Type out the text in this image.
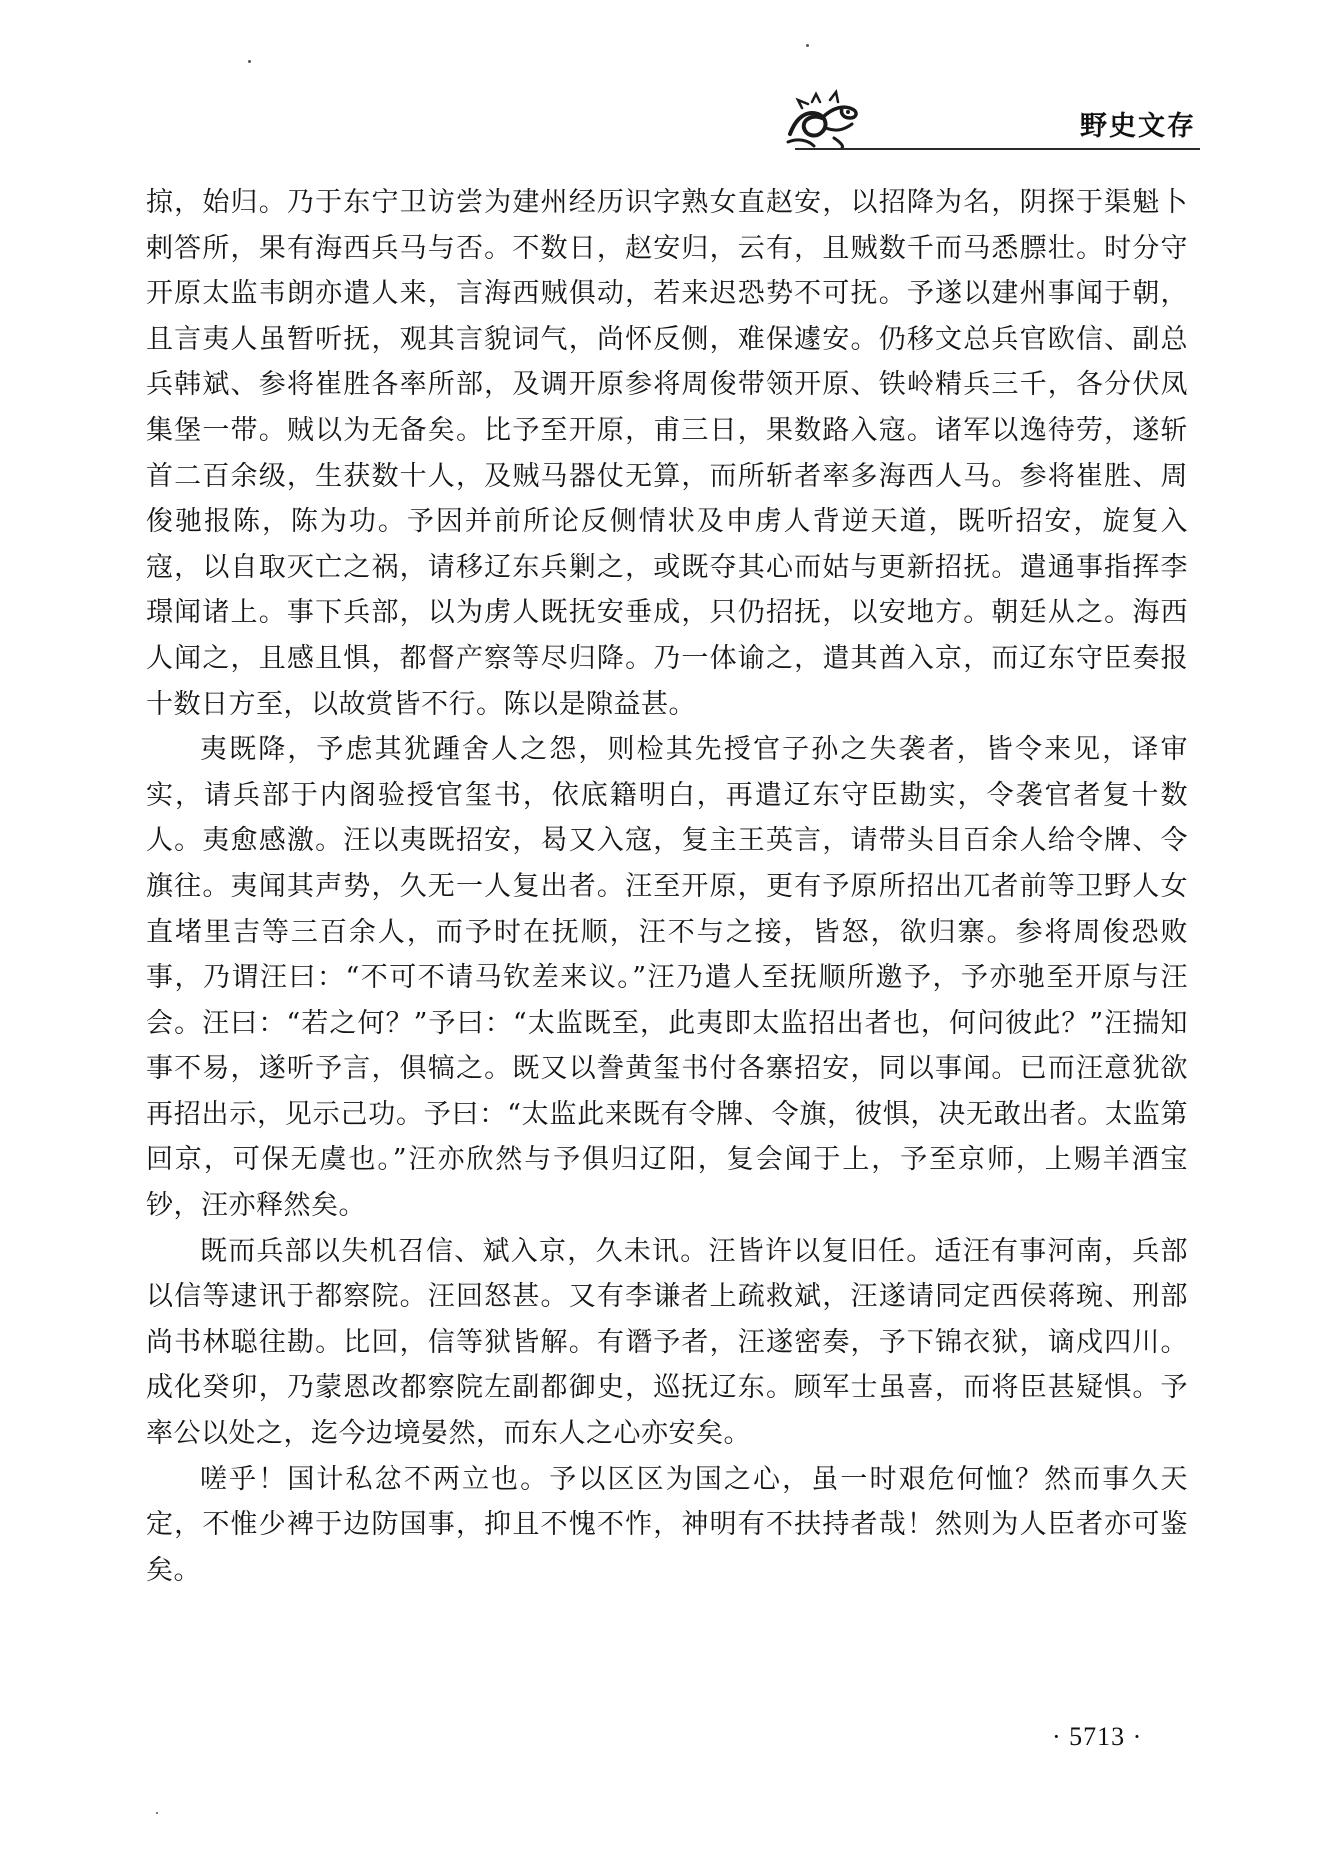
野史文存

掠，始归。乃于东宁卫访尝为建州经历识字熟女直赵安，以招降为名，阴探于渠魁卜剌答所，果有海西兵马与否。不数日，赵安归，云有，且贼数千而马悉膘壮。时分守开原太监韦朗亦遣人来，言海西贼俱动，若来迟恐势不可抚。予遂以建州事闻于朝，且言夷人虽暂听抚，观其言貌词气，尚怀反侧，难保遽安。仍移文总兵官欧信、副总兵韩斌、参将崔胜各率所部，及调开原参将周俊带领开原、铁岭精兵三千，各分伏凤集堡一带。贼以为无备矣。比予至开原，甫三日，果数路入寇。诸军以逸待劳，遂斩首二百余级，生获数十人，及贼马器仗无算，而所斩者率多海西人马。参将崔胜、周俊驰报陈，陈为功。予因并前所论反侧情状及申虏人背逆天道，既听招安，旋复入寇，以自取灭亡之祸，请移辽东兵剿之，或既夺其心而姑与更新招抚。遣通事指挥李璟闻诸上。事下兵部，以为虏人既抚安垂成，只仍招抚，以安地方。朝廷从之。海西人闻之，且感且惧，都督产察等尽归降。乃一体谕之，遣其酋入京，而辽东守臣奏报十数日方至，以故赏皆不行。陈以是隙益甚。

夷既降，予虑其犹踵舍人之怨，则检其先授官子孙之失袭者，皆令来见，译审实，请兵部于内阁验授官玺书，依底籍明白，再遣辽东守臣勘实，令袭官者复十数人。夷愈感激。汪以夷既招安，曷又入寇，复主王英言，请带头目百余人给令牌、令旗往。夷闻其声势，久无一人复出者。汪至开原，更有予原所招出兀者前等卫野人女直堵里吉等三百余人，而予时在抚顺，汪不与之接，皆怒，欲归寨。参将周俊恐败事，乃谓汪曰：“不可不请马钦差来议。”汪乃遣人至抚顺所邀予，予亦驰至开原与汪会。汪曰：“若之何？”予曰：“太监既至，此夷即太监招出者也，何问彼此？”汪揣知事不易，遂听予言，俱犒之。既又以誊黄玺书付各寨招安，同以事闻。已而汪意犹欲再招出示，见示己功。予曰：“太监此来既有令牌、令旗，彼惧，决无敢出者。太监第回京，可保无虞也。”汪亦欣然与予俱归辽阳，复会闻于上，予至京师，上赐羊酒宝钞，汪亦释然矣。

既而兵部以失机召信、斌入京，久未讯。汪皆许以复旧任。适汪有事河南，兵部以信等逮讯于都察院。汪回怒甚。又有李谦者上疏救斌，汪遂请同定西侯蒋琬、刑部尚书林聪往勘。比回，信等狱皆解。有谮予者，汪遂密奏，予下锦衣狱，谪戍四川。成化癸卯，乃蒙恩改都察院左副都御史，巡抚辽东。顾军士虽喜，而将臣甚疑惧。予率公以处之，迄今边境晏然，而东人之心亦安矣。

嗟乎！国计私忿不两立也。予以区区为国之心，虽一时艰危何恤？然而事久天定，不惟少裨于边防国事，抑且不愧不怍，神明有不扶持者哉！然则为人臣者亦可鉴矣。

· 5713 ·
